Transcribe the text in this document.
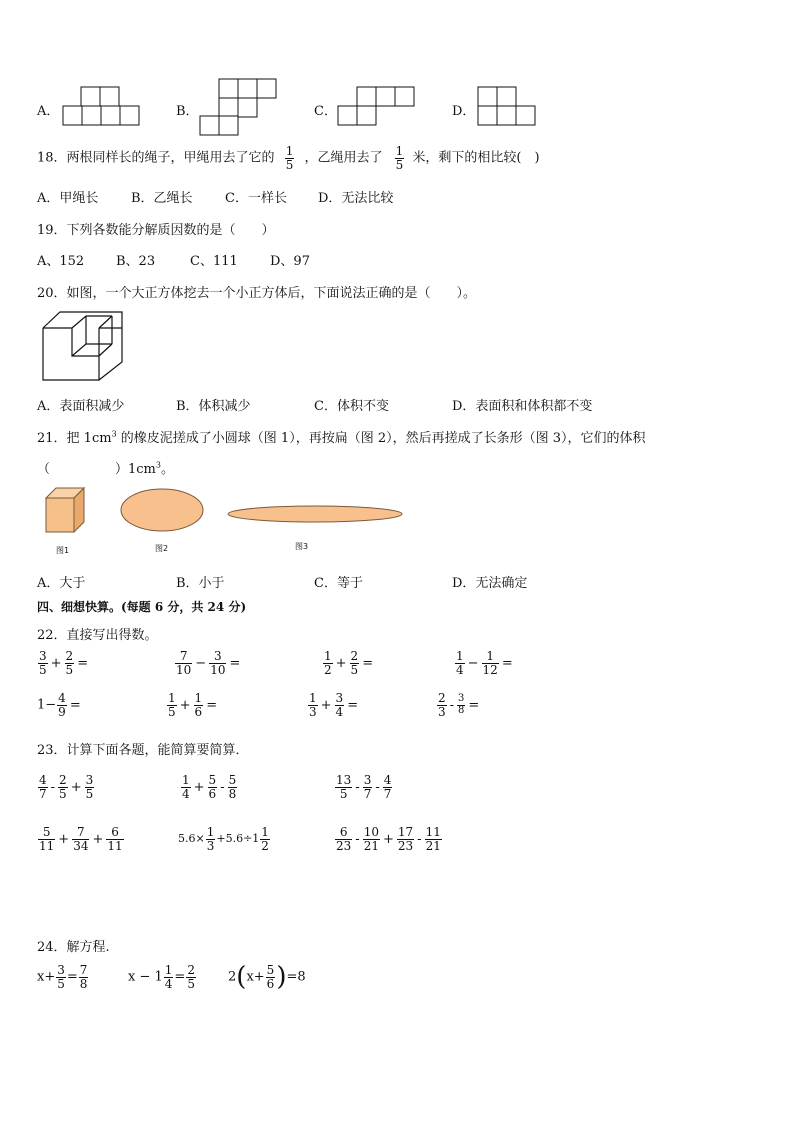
A．	B．	C．	D．
18．两根同样长的绳子，甲绳用去了它的 $\frac{1}{5}$ ，乙绳用去了 $\frac{1}{5}$ 米，剩下的相比较(　)
A．甲绳长	B．乙绳长 C．一样长 D．无法比较
19．下列各数能分解质因数的是（　　）
A、152 B、23	C、111 D、97
20．如图，一个大正方体挖去一个小正方体后，下面说法正确的是（　　）。
A．表面积减少	B．体积减少	C．体积不变	D．表面积和体积都不变
21．把 $1cm^3$ 的橡皮泥搓成了小圆球（图 1），再按扁（图 2），然后再搓成了长条形（图 3），它们的体积
（　　　　　）$1cm^3$。
图1	图2	图3
A．大于	B．小于	C．等于	D．无法确定
四、细想快算。(每题 6 分，共 24 分)
22．直接写出得数。
$\frac{3}{5} + \frac{2}{5}$ =	$\frac{7}{10} - \frac{3}{10}$ =	$\frac{1}{2} + \frac{2}{5}$ =	$\frac{1}{4} - \frac{1}{12}$ =
$1- \frac{4}{9}$ =	$\frac{1}{5} + \frac{1}{6}$ =	$\frac{1}{3} + \frac{3}{4}$ =	$\frac{2}{3} - \frac{3}{8}$ =
23．计算下面各题，能简算要简算．
$\frac{4}{7} - \frac{2}{5} + \frac{3}{5}$	$\frac{1}{4} + \frac{5}{6} - \frac{5}{8}$	$\frac{13}{5} - \frac{3}{7} - \frac{4}{7}$
$\frac{5}{11} + \frac{7}{34} + \frac{6}{11}$	$5.6\times \frac{1}{3} +5.6\div 1 \frac{1}{2}$	$\frac{6}{23} - \frac{10}{21} + \frac{17}{23} - \frac{11}{21}$
24．解方程.
$x+ \frac{3}{5} = \frac{7}{8}$	$x - 1 \frac{1}{4} = \frac{2}{5} 2(x+ \frac{5}{6} )=8$
